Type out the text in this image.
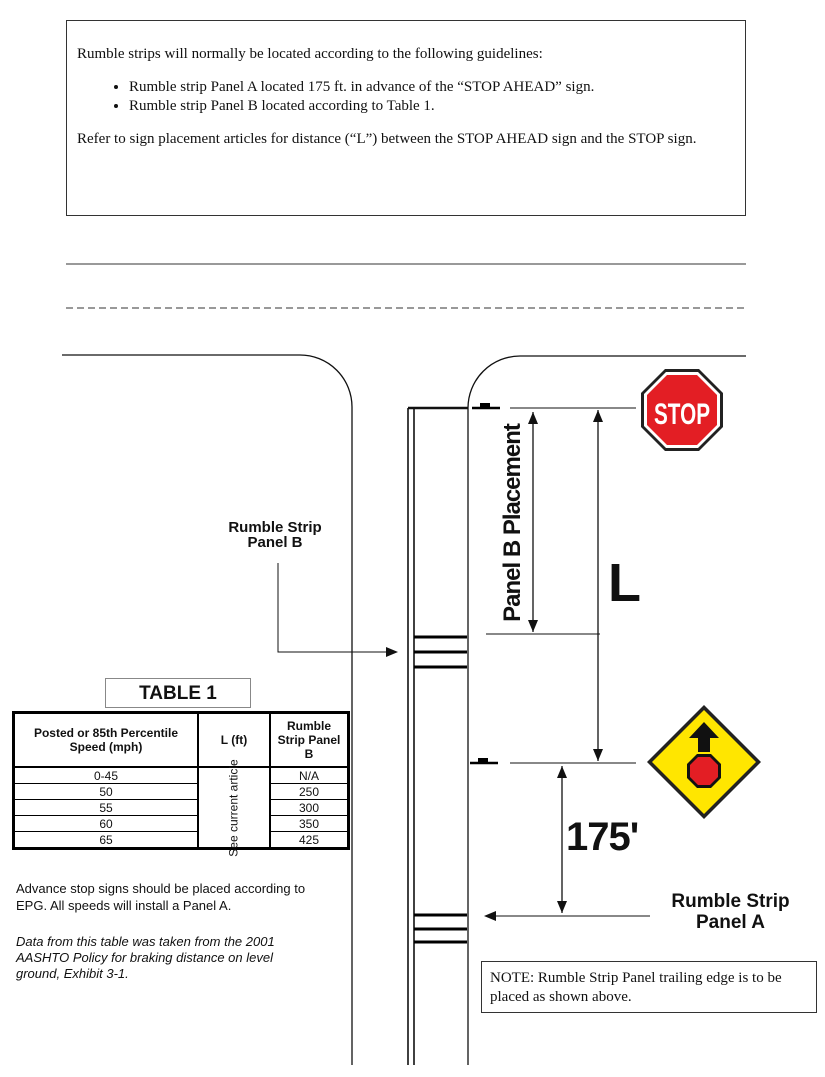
Rumble strips will normally be located according to the following guidelines:
• Rumble strip Panel A located 175 ft. in advance of the “STOP AHEAD” sign.
• Rumble strip Panel B located according to Table 1.
Refer to sign placement articles for distance (“L”) between the STOP AHEAD sign and the STOP sign.
STOP
Rumble Strip
Panel B
Rumble Strip
Panel A
L
175'
Panel B Placement
TABLE 1
Posted or 85th Percentile Speed (mph)	L (ft)	Rumble Strip Panel B
0-45	See current article	N/A
50		250
55		300
60		350
65		425
Advance stop signs should be placed according to EPG. All speeds will install a Panel A.
Data from this table was taken from the 2001 AASHTO Policy for braking distance on level ground, Exhibit 3-1.	NOTE: Rumble Strip Panel trailing edge is to be placed as shown above.
